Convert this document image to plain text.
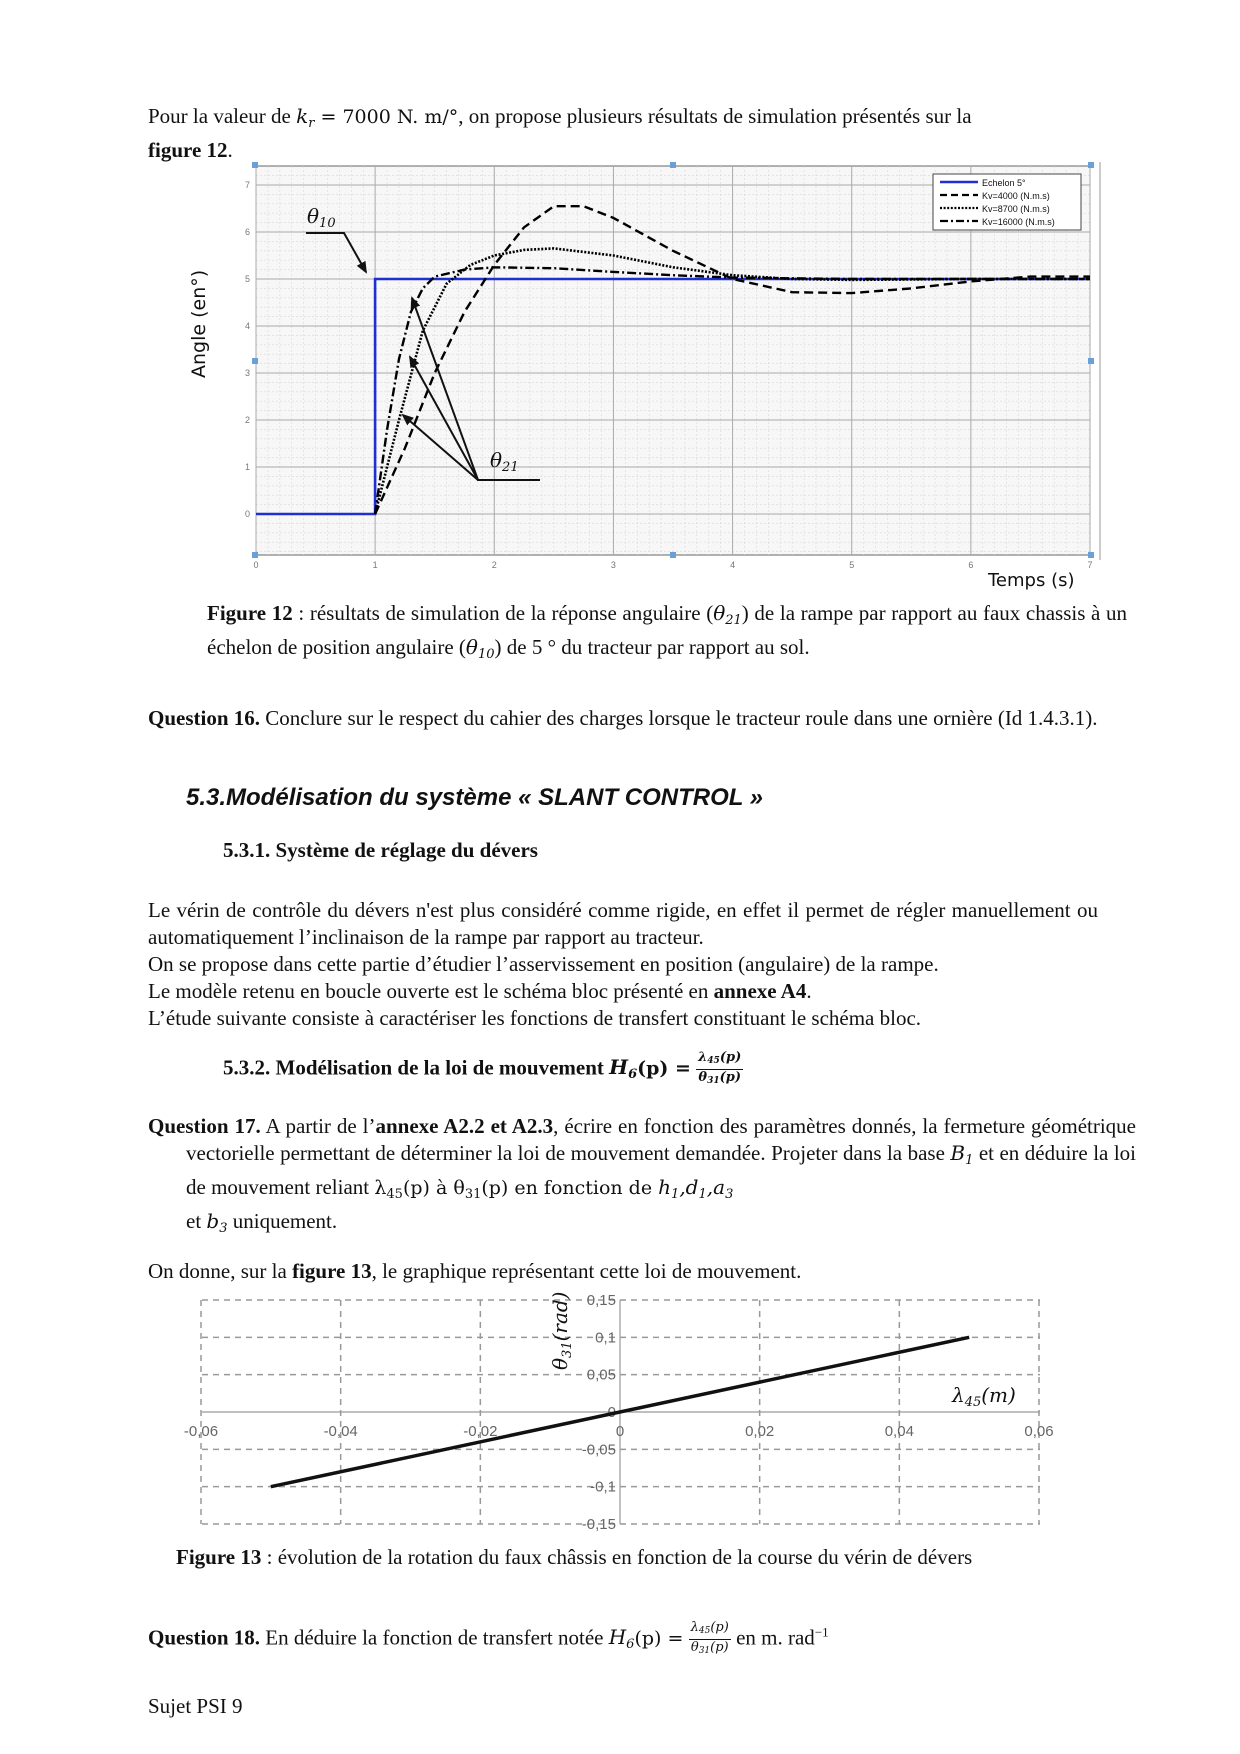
Pour la valeur de $k_r = 7000$ N. m/°, on propose plusieurs résultats de simulation présentés sur la
figure 12.
0	1	2	3	4	5	6	7
0
1
2
3
4
5
6
7	Echelon 5°
Kv=4000 (N.m.s)
Kv=8700 (N.m.s)
Kv=16000 (N.m.s)
$\theta_{10}$
$\theta_{21}$
Angle (en°)
Temps (s)
Figure 12 : résultats de simulation de la réponse angulaire $(\theta_{21})$ de la rampe par rapport au faux chassis à un échelon de position angulaire $(\theta_{10})$ de 5 ° du tracteur par rapport au sol.
Question 16. Conclure sur le respect du cahier des charges lorsque le tracteur roule dans une ornière (Id 1.4.3.1).
5.3.Modélisation du système « SLANT CONTROL »
5.3.1. Système de réglage du dévers
Le vérin de contrôle du dévers n'est plus considéré comme rigide, en effet il permet de régler manuellement ou automatiquement l’inclinaison de la rampe par rapport au tracteur.
On se propose dans cette partie d’étudier l’asservissement en position (angulaire) de la rampe.
Le modèle retenu en boucle ouverte est le schéma bloc présenté en annexe A4.
L’étude suivante consiste à caractériser les fonctions de transfert constituant le schéma bloc.
5.3.2. Modélisation de la loi de mouvement $H_6(p) = \frac{\lambda_{45}(p)}{\theta_{31}(p)}$
Question 17. A partir de l’annexe A2.2 et A2.3, écrire en fonction des paramètres donnés, la fermeture géométrique vectorielle permettant de déterminer la loi de mouvement demandée. Projeter dans la base $B_1$ et en déduire la loi de mouvement reliant $\lambda_{45}(p)$ à $\theta_{31}(p)$ en fonction de $h_1,d_1,a_3$
et $b_3$ uniquement.
On donne, sur la figure 13, le graphique représentant cette loi de mouvement.
-0,06	-0,04	-0,02	0	0,02	0,04	0,06
-0,15
-0,1
-0,05
0
0,05
0,1
0,15
$\theta_{31}(rad)$
$\lambda_{45}(m)$
Figure 13 : évolution de la rotation du faux châssis en fonction de la course du vérin de dévers
Question 18. En déduire la fonction de transfert notée $H_6(p) = \frac{\lambda_{45}(p)}{\theta_{31}(p)}$ en m. rad$^{-1}$
Sujet PSI 9
